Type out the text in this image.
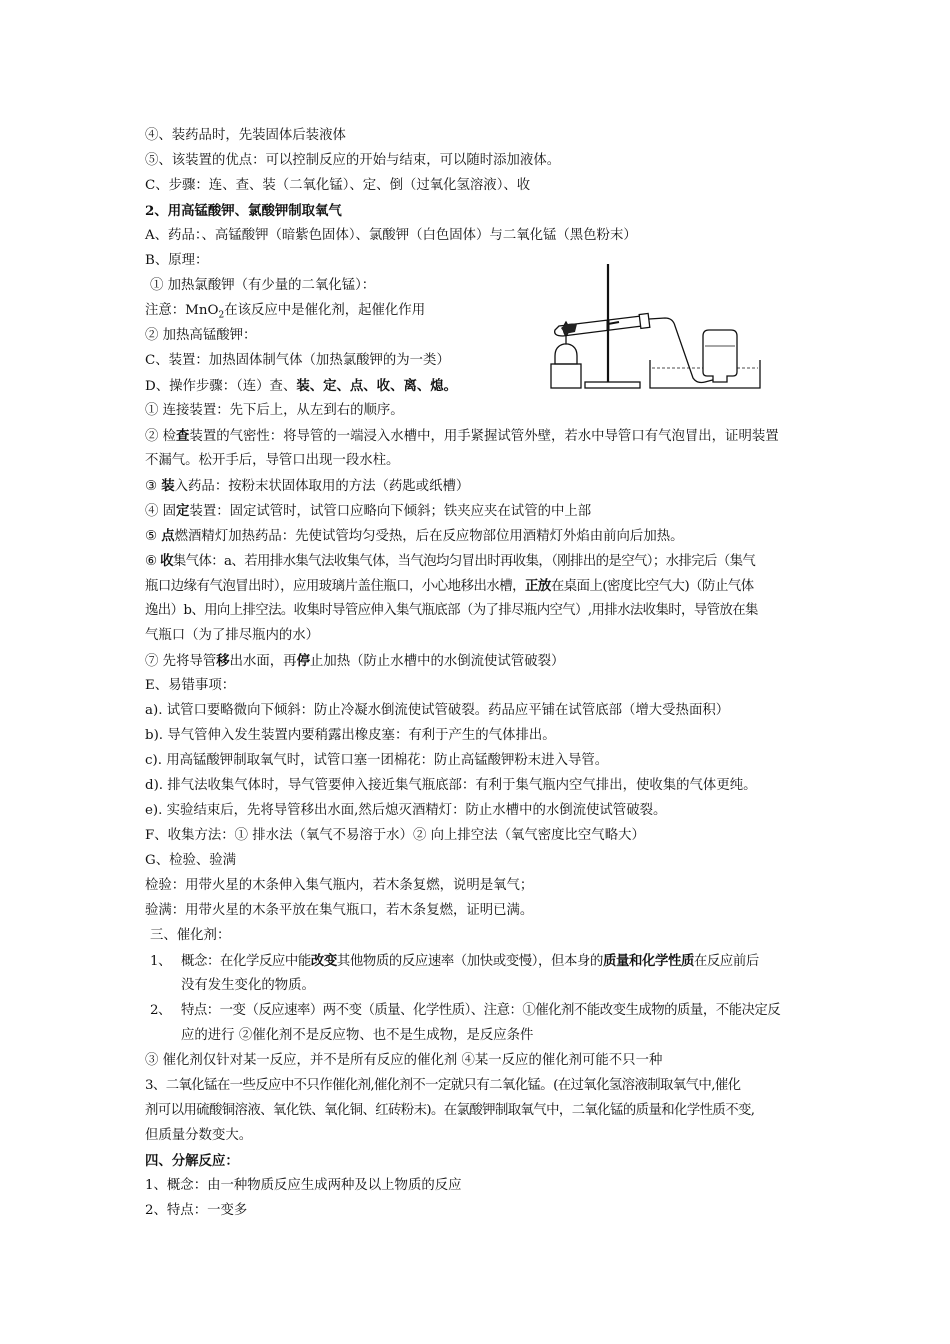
④、装药品时，先装固体后装液体
⑤、该装置的优点：可以控制反应的开始与结束，可以随时添加液体。
C、步骤：连、查、装（二氧化锰）、定、倒（过氧化氢溶液）、收
2、用高锰酸钾、氯酸钾制取氧气
A、药品：、高锰酸钾（暗紫色固体）、氯酸钾（白色固体）与二氧化锰（黑色粉末）
B、原理：
① 加热氯酸钾（有少量的二氧化锰）：
注意：MnO$_2$在该反应中是催化剂，起催化作用
② 加热高锰酸钾：
C、装置：加热固体制气体（加热氯酸钾的为一类）
D、操作步骤：（连）查、装、定、点、收、离、熄。
① 连接装置：先下后上，从左到右的顺序。
② 检查装置的气密性：将导管的一端浸入水槽中，用手紧握试管外壁，若水中导管口有气泡冒出，证明装置
不漏气。松开手后，导管口出现一段水柱。
③ 装入药品：按粉末状固体取用的方法（药匙或纸槽）
④ 固定装置：固定试管时，试管口应略向下倾斜；铁夹应夹在试管的中上部
⑤ 点燃酒精灯加热药品：先使试管均匀受热，后在反应物部位用酒精灯外焰由前向后加热。
⑥ 收集气体：a、若用排水集气法收集气体，当气泡均匀冒出时再收集，（刚排出的是空气）；水排完后（集气
瓶口边缘有气泡冒出时），应用玻璃片盖住瓶口，小心地移出水槽，正放在桌面上(密度比空气大)（防止气体
逸出）b、用向上排空法。收集时导管应伸入集气瓶底部（为了排尽瓶内空气）,用排水法收集时，导管放在集
气瓶口（为了排尽瓶内的水）
⑦ 先将导管移出水面，再停止加热（防止水槽中的水倒流使试管破裂）
E、易错事项：
a). 试管口要略微向下倾斜：防止冷凝水倒流使试管破裂。药品应平铺在试管底部（增大受热面积）
b). 导气管伸入发生装置内要稍露出橡皮塞：有利于产生的气体排出。
c). 用高锰酸钾制取氧气时，试管口塞一团棉花：防止高锰酸钾粉末进入导管。
d). 排气法收集气体时，导气管要伸入接近集气瓶底部：有利于集气瓶内空气排出，使收集的气体更纯。
e). 实验结束后，先将导管移出水面,然后熄灭酒精灯：防止水槽中的水倒流使试管破裂。
F、收集方法：① 排水法（氧气不易溶于水）② 向上排空法（氧气密度比空气略大）
G、检验、验满
检验：用带火星的木条伸入集气瓶内，若木条复燃，说明是氧气；
验满：用带火星的木条平放在集气瓶口，若木条复燃，证明已满。
三、催化剂：
1、 概念：在化学反应中能改变其他物质的反应速率（加快或变慢），但本身的质量和化学性质在反应前后
没有发生变化的物质。
2、 特点：一变（反应速率）两不变（质量、化学性质）、注意：①催化剂不能改变生成物的质量，不能决定反
应的进行 ②催化剂不是反应物、也不是生成物，是反应条件
③ 催化剂仅针对某一反应，并不是所有反应的催化剂 ④某一反应的催化剂可能不只一种
3、二氧化锰在一些反应中不只作催化剂,催化剂不一定就只有二氧化锰。(在过氧化氢溶液制取氧气中,催化
剂可以用硫酸铜溶液、氧化铁、氧化铜、红砖粉末)。在氯酸钾制取氧气中，二氧化锰的质量和化学性质不变,
但质量分数变大。
四、分解反应：
1、概念：由一种物质反应生成两种及以上物质的反应
2、特点：一变多
